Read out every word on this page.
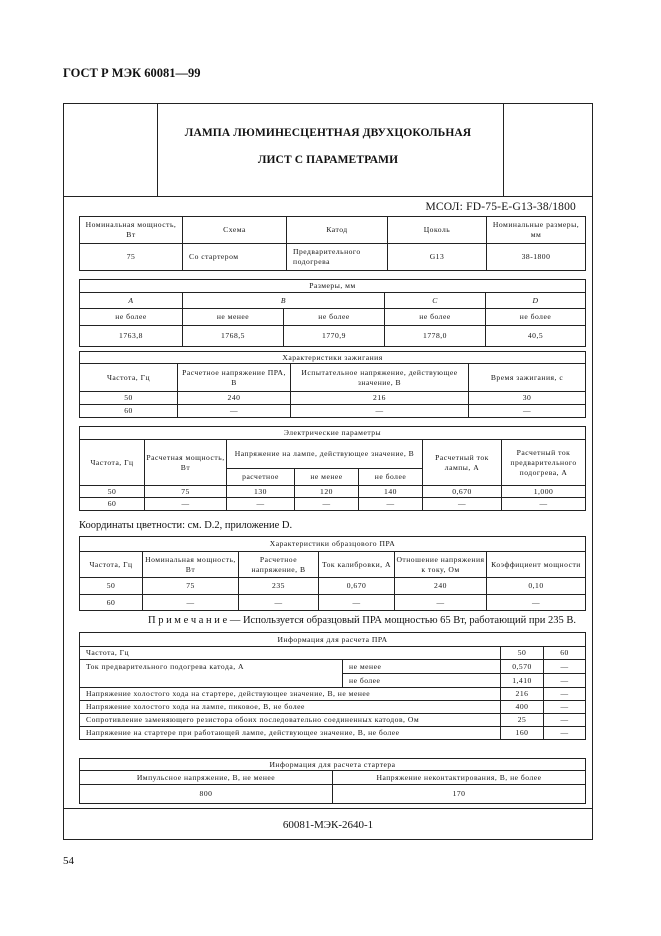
ГОСТ Р МЭК 60081—99
ЛАМПА ЛЮМИНЕСЦЕНТНАЯ ДВУХЦОКОЛЬНАЯ
ЛИСТ С ПАРАМЕТРАМИ
МСОЛ: FD-75-E-G13-38/1800
Номинальная мощность, Вт	Схема	Катод	Цоколь	Номинальные размеры, мм
75	Со стартером	Предварительного подогрева	G13	38-1800
Размеры, мм				
A	B		C	D
не более	не менее	не более	не более	не более
1763,8	1768,5	1770,9	1778,0	40,5
Характеристики зажигания			
Частота, Гц	Расчетное напряжение ПРА, В	Испытательное напряжение, действующее значение, В	Время зажигания, с
50	240	216	30
60	—	—	—
Электрические параметры						
Частота, Гц	Расчетная мощность, Вт	Напряжение на лампе, действующее значение, В			Расчетный ток лампы, А	Расчетный ток предварительного подогрева, А
		расчетное	не менее	не более		
50	75	130	120	140	0,670	1,000
60	—	—	—	—	—	—
Координаты цветности: см. D.2, приложение D.
Характеристики образцового ПРА					
Частота, Гц	Номинальная мощность, Вт	Расчетное напряжение, В	Ток калибровки, А	Отношение напряжения к току, Ом	Коэффициент мощности
50	75	235	0,670	240	0,10
60	—	—	—	—	—
П р и м е ч а н и е — Используется образцовый ПРА мощностью 65 Вт, работающий при 235 В.
Информация для расчета ПРА			
Частота, Гц		50	60
Ток предварительного подогрева катода, А	не менее	0,570	—
	не более	1,410	—
Напряжение холостого хода на стартере, действующее значение, В, не менее		216	—
Напряжение холостого хода на лампе, пиковое, В, не более		400	—
Сопротивление заменяющего резистора обоих последовательно соединенных катодов, Ом		25	—
Напряжение на стартере при работающей лампе, действующее значение, В, не более		160	—
Информация для расчета стартера	
Импульсное напряжение, В, не менее	Напряжение неконтактирования, В, не более
800	170
60081-МЭК-2640-1
54
